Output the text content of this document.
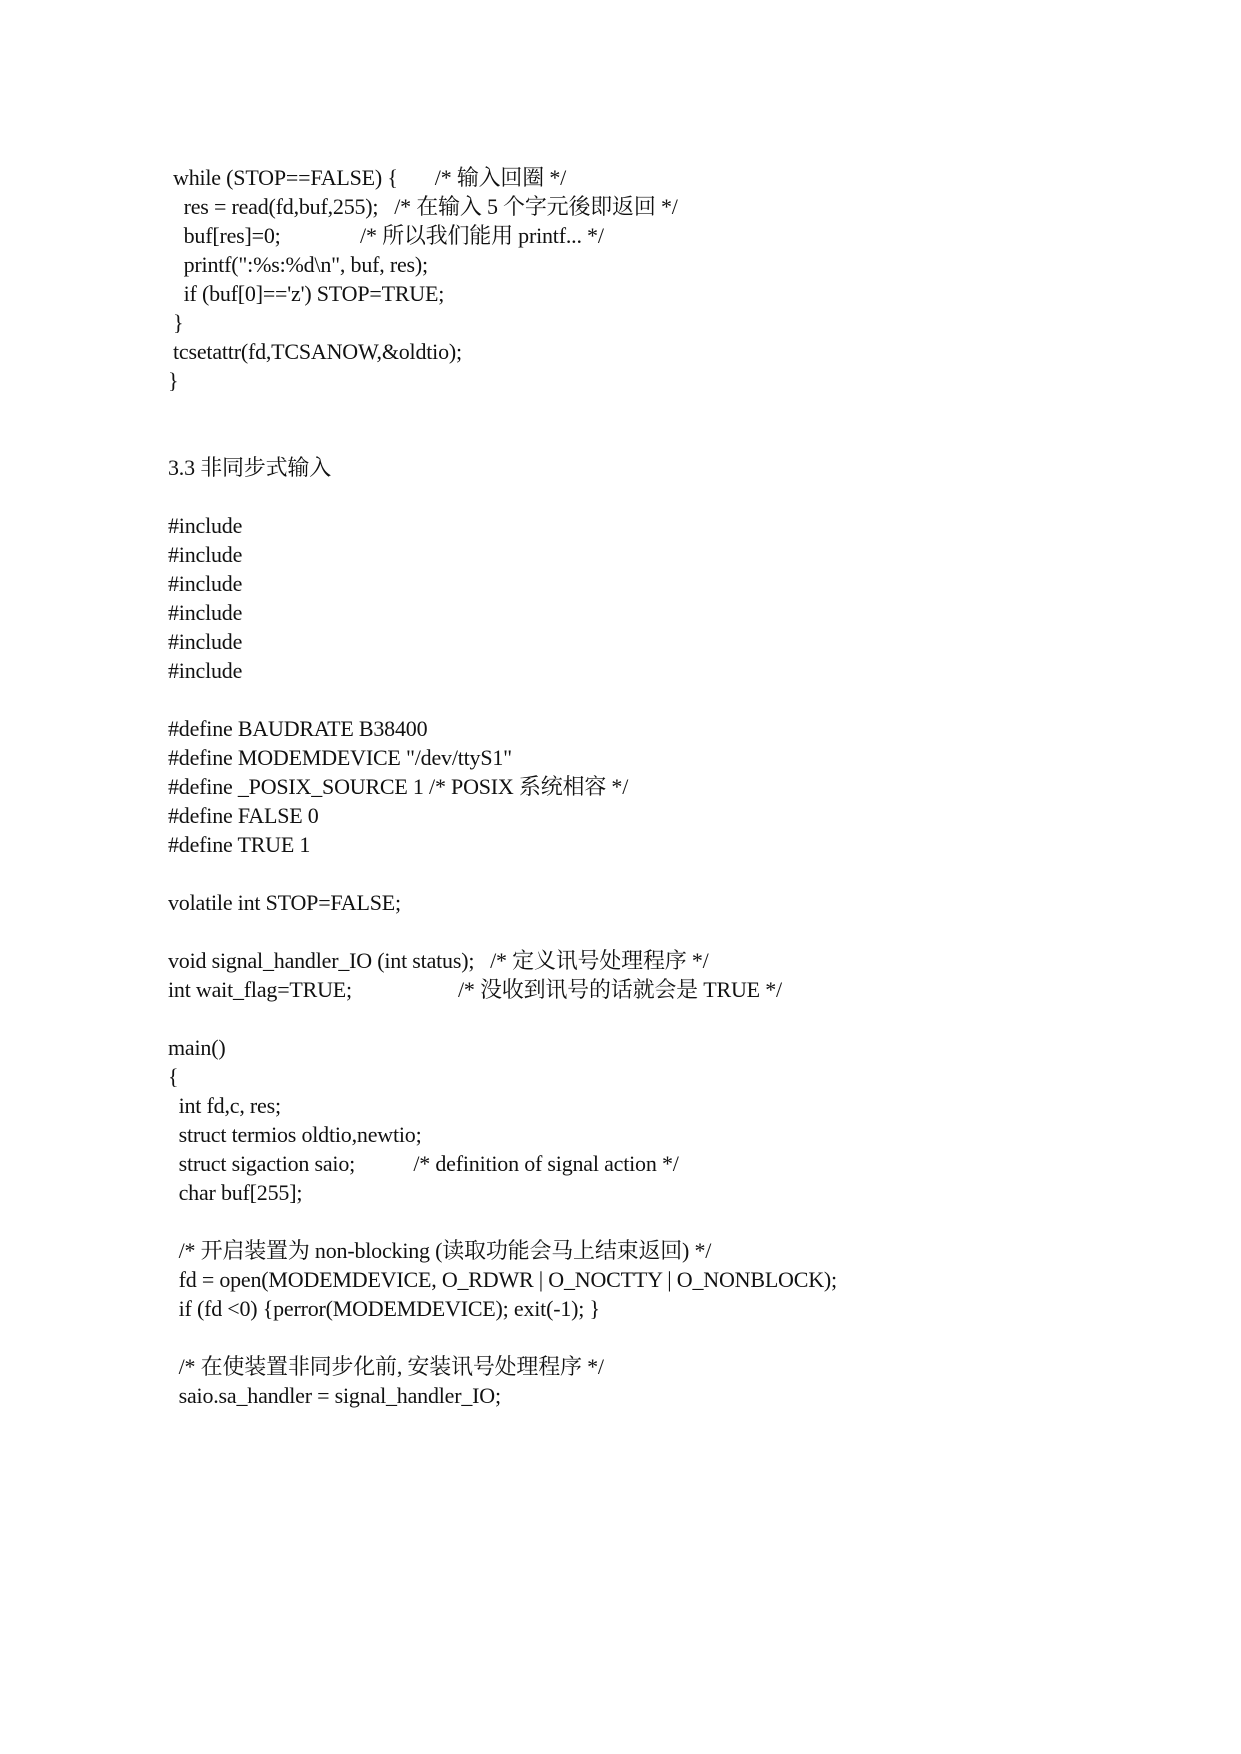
while (STOP==FALSE) {       /* 输入回圈 */
res = read(fd,buf,255);   /* 在输入 5 个字元後即返回 */
buf[res]=0;               /* 所以我们能用 printf... */
printf(":%s:%d\n", buf, res);
if (buf[0]=='z') STOP=TRUE;
}
tcsetattr(fd,TCSANOW,&oldtio);
}
3.3 非同步式输入
#include
#include
#include
#include
#include
#include
#define BAUDRATE B38400
#define MODEMDEVICE "/dev/ttyS1"
#define _POSIX_SOURCE 1 /* POSIX 系统相容 */
#define FALSE 0
#define TRUE 1
volatile int STOP=FALSE;
void signal_handler_IO (int status);   /* 定义讯号处理程序 */
int wait_flag=TRUE;                    /* 没收到讯号的话就会是 TRUE */
main()
{
int fd,c, res;
struct termios oldtio,newtio;
struct sigaction saio;           /* definition of signal action */
char buf[255];
/* 开启装置为 non-blocking (读取功能会马上结束返回) */
fd = open(MODEMDEVICE, O_RDWR | O_NOCTTY | O_NONBLOCK);
if (fd <0) {perror(MODEMDEVICE); exit(-1); }
/* 在使装置非同步化前, 安装讯号处理程序 */
saio.sa_handler = signal_handler_IO;
